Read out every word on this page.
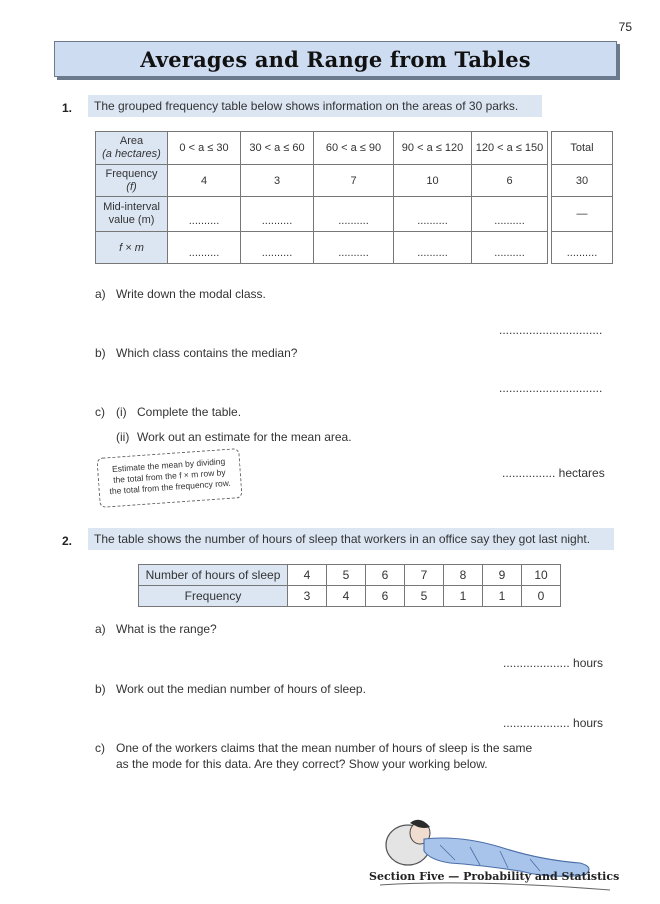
75
Averages and Range from Tables
1.	The grouped frequency table below shows information on the areas of 30 parks.
Area
(a hectares)	0 < a ≤ 30	30 < a ≤ 60	60 < a ≤ 90	90 < a ≤ 120	120 < a ≤ 150		Total

Frequency
(f)	4	3	7	10	6		30

Mid-interval
value (m)	..........	..........	..........	..........	..........		—
f × m	..........	..........	..........	..........	..........		..........
a) Write down the modal class.
...............................
b) Which class contains the median?
...............................
c) (i) Complete the table.
(ii) Work out an estimate for the mean area.
................ hectares
Estimate the mean by dividing the total from the f × m row by the total from the frequency row.
2.	The table shows the number of hours of sleep that workers in an office say they got last night.
Number of hours of sleep	4	5	6	7	8	9	10
Frequency	3	4	6	5	1	1	0
a) What is the range?
.................... hours
b) Work out the median number of hours of sleep.
.................... hours
c) One of the workers claims that the mean number of hours of sleep is the same
as the mode for this data. Are they correct? Show your working below.
Section Five — Probability and Statistics
